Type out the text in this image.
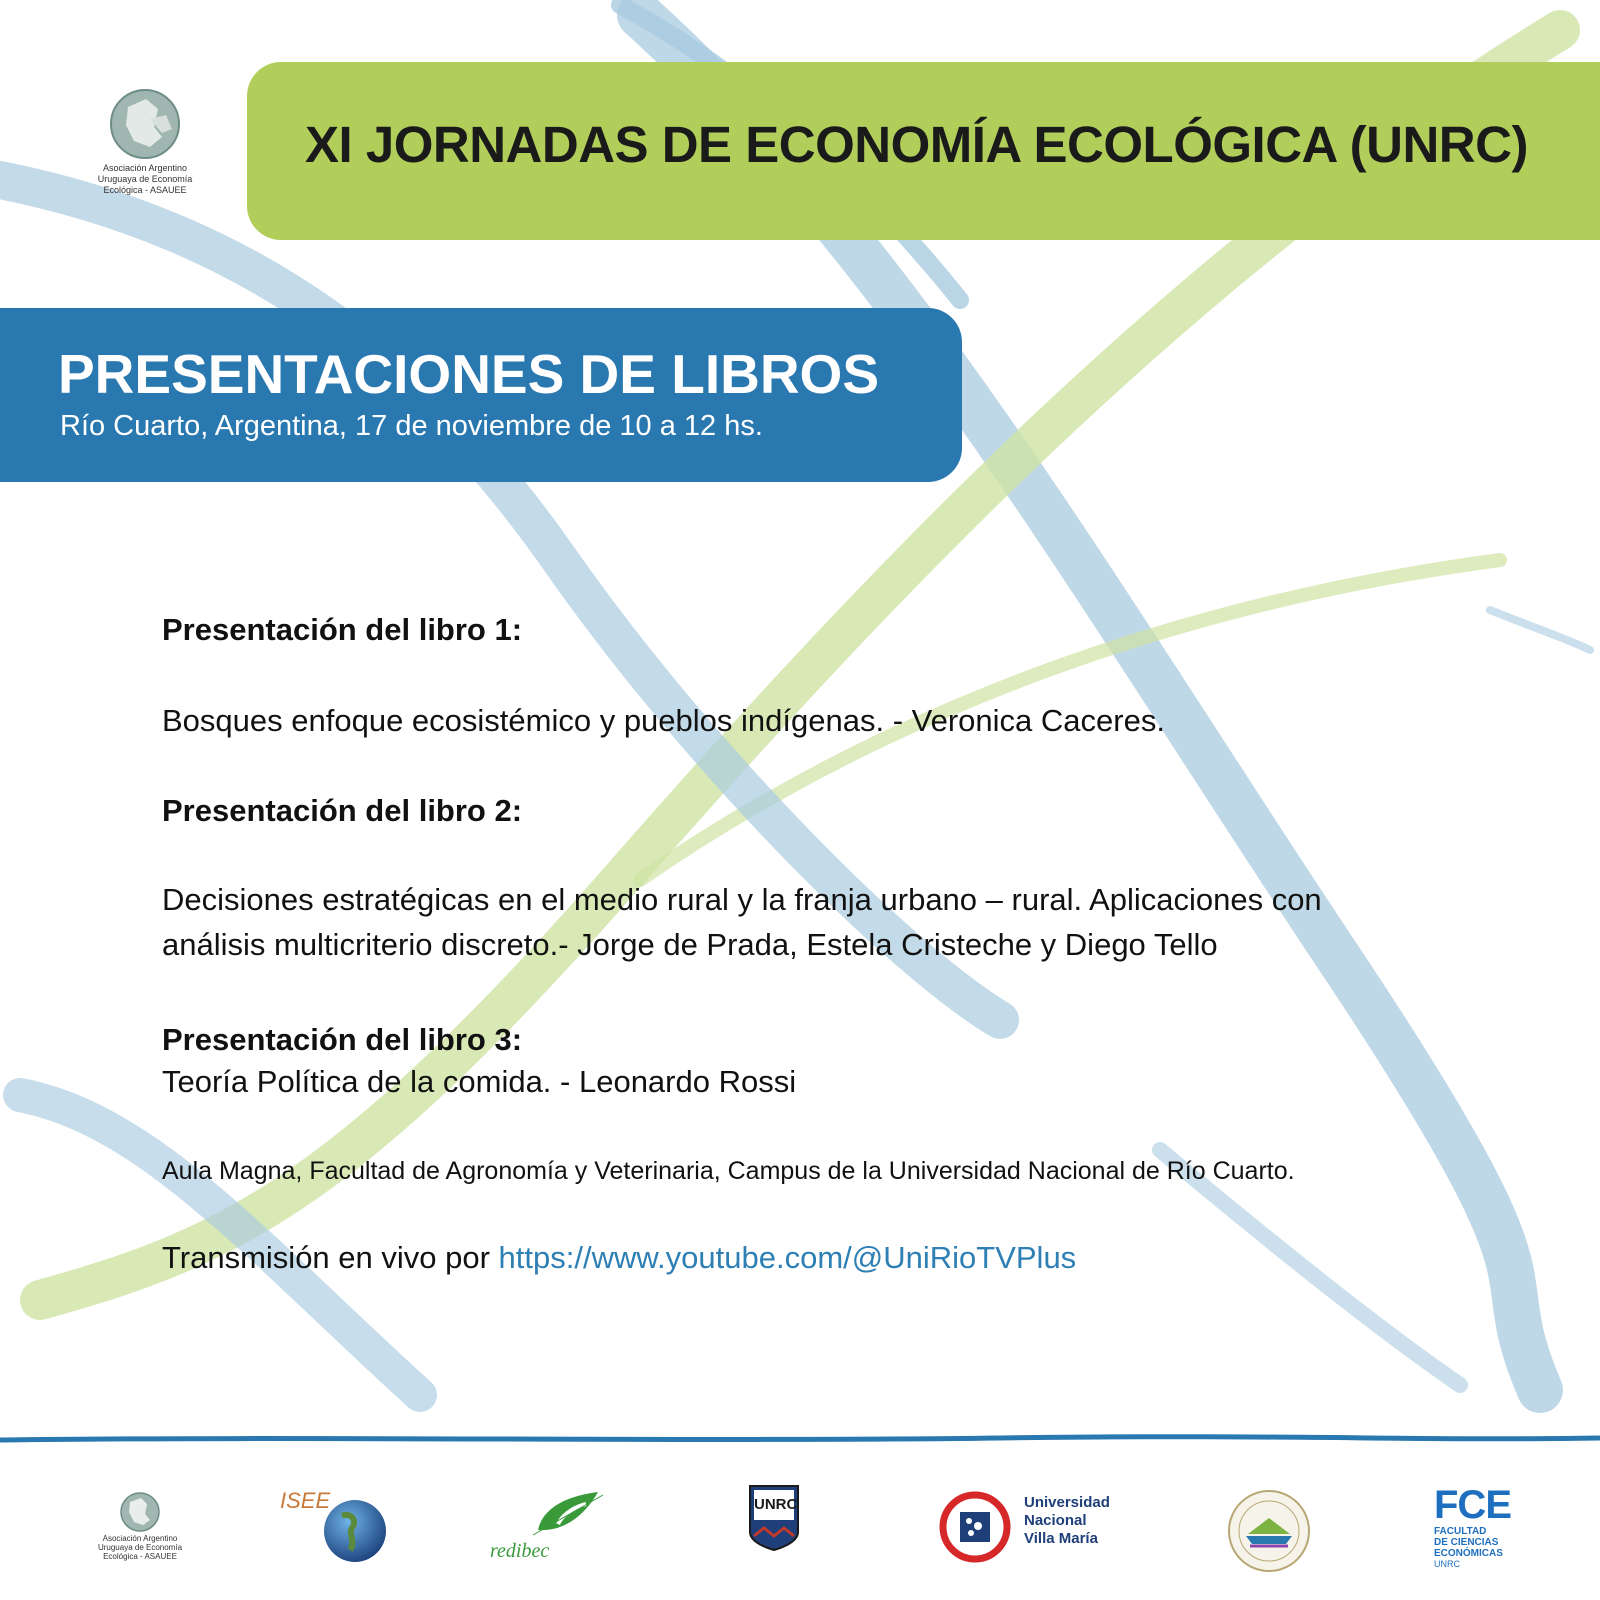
Asociación Argentino
Uruguaya de Economía
Ecológica - ASAUEE
XI JORNADAS DE ECONOMÍA ECOLÓGICA (UNRC)
PRESENTACIONES DE LIBROS
Río Cuarto, Argentina, 17 de noviembre de 10 a 12 hs.
Presentación del libro 1:
Bosques enfoque ecosistémico y pueblos indígenas. - Veronica Caceres.
Presentación del libro 2:
Decisiones estratégicas en el medio rural y la franja urbano – rural. Aplicaciones con
análisis multicriterio discreto.- Jorge de Prada, Estela Cristeche y Diego Tello
Presentación del libro 3:
Teoría Política de la comida. - Leonardo Rossi
Aula Magna, Facultad de Agronomía y Veterinaria, Campus de la Universidad Nacional de Río Cuarto.
Transmisión en vivo por https://www.youtube.com/@UniRioTVPlus
Asociación Argentino
Uruguaya de Economía
Ecológica - ASAUEE
ISEE
redibec
UNRC	Universidad
Nacional
Villa María
FCE
FACULTAD
DE CIENCIAS
ECONÓMICAS
UNRC
